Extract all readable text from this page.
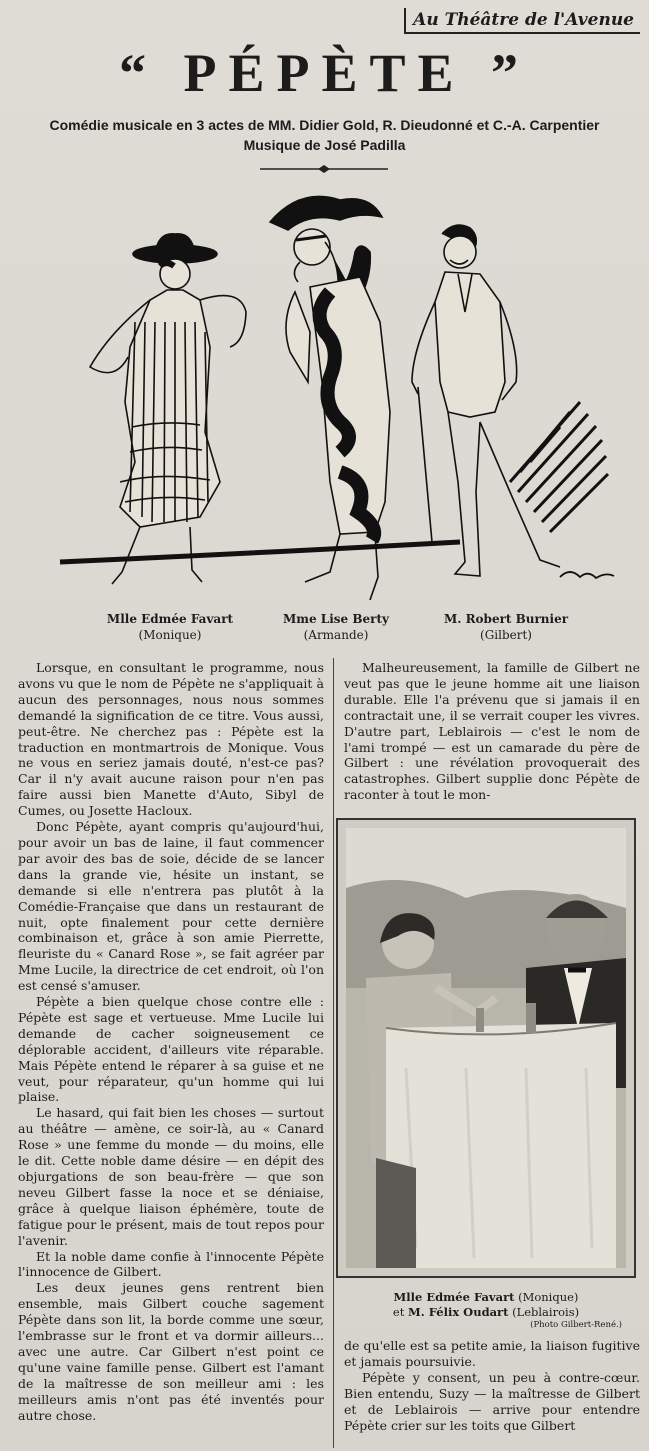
Au Théâtre de l'Avenue
“ PÉPÈTE ”
Comédie musicale en 3 actes de MM. Didier Gold, R. Dieudonné et C.-A. Carpentier
Musique de José Padilla
Mlle Edmée Favart
(Monique)
Mme Lise Berty
(Armande)
M. Robert Burnier
(Gilbert)

Lorsque, en consultant le programme, nous avons vu que le nom de Pépète ne s'appliquait à aucun des personnages, nous nous sommes demandé la signification de ce titre. Vous aussi, peut-être. Ne cherchez pas : Pépète est la traduction en montmartrois de Monique. Vous ne vous en seriez jamais douté, n'est-ce pas? Car il n'y avait aucune raison pour n'en pas faire aussi bien Manette d'Auto, Sibyl de Cumes, ou Josette Hacloux.

Donc Pépète, ayant compris qu'aujourd'hui, pour avoir un bas de laine, il faut commencer par avoir des bas de soie, décide de se lancer dans la grande vie, hésite un instant, se demande si elle n'entrera pas plutôt à la Comédie-Française que dans un restaurant de nuit, opte finalement pour cette dernière combinaison et, grâce à son amie Pierrette, fleuriste du « Canard Rose », se fait agréer par Mme Lucile, la directrice de cet endroit, où l'on est censé s'amuser.

Pépète a bien quelque chose contre elle : Pépète est sage et vertueuse. Mme Lucile lui demande de cacher soigneusement ce déplorable accident, d'ailleurs vite réparable. Mais Pépète entend le réparer à sa guise et ne veut, pour réparateur, qu'un homme qui lui plaise.

Le hasard, qui fait bien les choses — surtout au théâtre — amène, ce soir-là, au « Canard Rose » une femme du monde — du moins, elle le dit. Cette noble dame désire — en dépit des objurgations de son beau-frère — que son neveu Gilbert fasse la noce et se déniaise, grâce à quelque liaison éphémère, toute de fatigue pour le présent, mais de tout repos pour l'avenir.

Et la noble dame confie à l'innocente Pépète l'innocence de Gilbert.

Les deux jeunes gens rentrent bien ensemble, mais Gilbert couche sagement Pépète dans son lit, la borde comme une sœur, l'embrasse sur le front et va dormir ailleurs... avec une autre. Car Gilbert n'est point ce qu'une vaine famille pense. Gilbert est l'amant de la maîtresse de son meilleur ami : les meilleurs amis n'ont pas été inventés pour autre chose.

Malheureusement, la famille de Gilbert ne veut pas que le jeune homme ait une liaison durable. Elle l'a prévenu que si jamais il en contractait une, il se verrait couper les vivres. D'autre part, Leblairois — c'est le nom de l'ami trompé — est un camarade du père de Gilbert : une révélation provoquerait des catastrophes. Gilbert supplie donc Pépète de raconter à tout le mon-

Mlle Edmée Favart (Monique)
et M. Félix Oudart (Leblairois)
(Photo Gilbert-René.)

de qu'elle est sa petite amie, la liaison fugitive et jamais poursuivie.

Pépète y consent, un peu à contre-cœur. Bien entendu, Suzy — la maîtresse de Gilbert et de Leblairois — arrive pour entendre Pépète crier sur les toits que Gilbert
